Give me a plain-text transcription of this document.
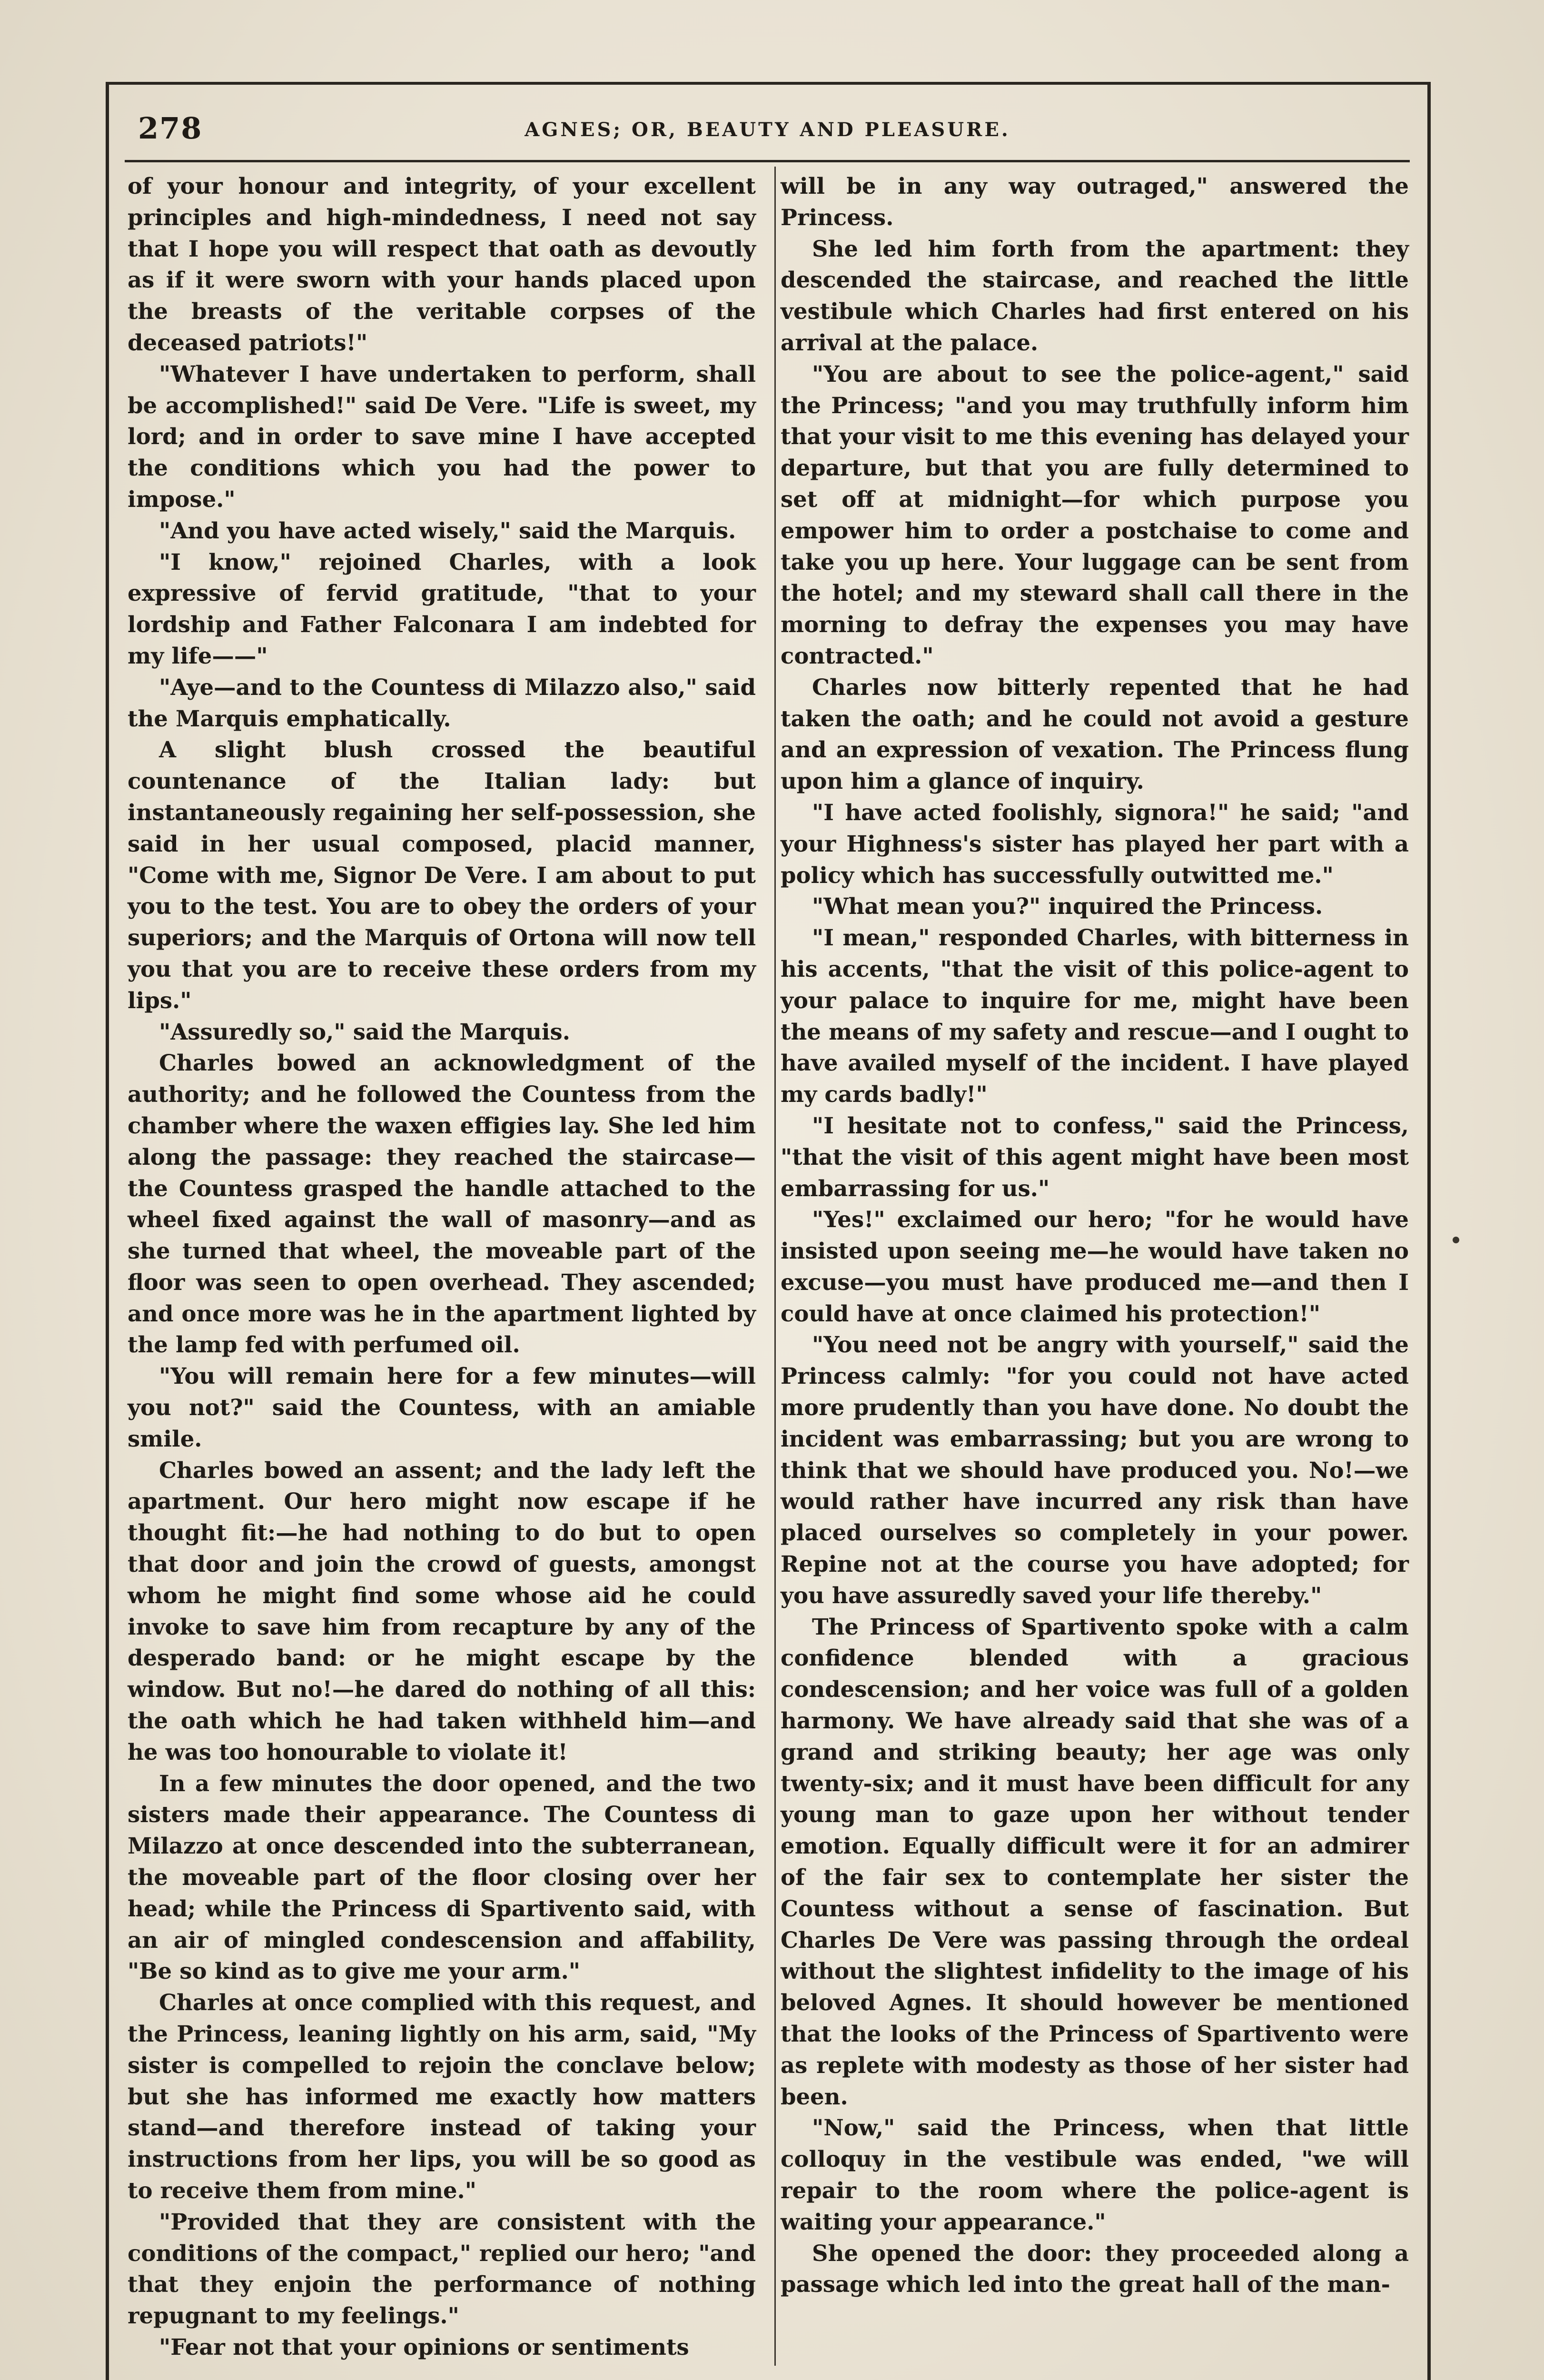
278	AGNES; OR, BEAUTY AND PLEASURE.

of your honour and integrity, of your excellent principles and high-mindedness, I need not say that I hope you will respect that oath as devoutly as if it were sworn with your hands placed upon the breasts of the veritable corpses of the deceased patriots!"

"Whatever I have undertaken to perform, shall be accomplished!" said De Vere. "Life is sweet, my lord; and in order to save mine I have accepted the conditions which you had the power to impose."

"And you have acted wisely," said the Marquis.

"I know," rejoined Charles, with a look expressive of fervid gratitude, "that to your lordship and Father Falconara I am indebted for my life——"

"Aye—and to the Countess di Milazzo also," said the Marquis emphatically.

A slight blush crossed the beautiful countenance of the Italian lady: but instantaneously regaining her self-possession, she said in her usual composed, placid manner, "Come with me, Signor De Vere. I am about to put you to the test. You are to obey the orders of your superiors; and the Marquis of Ortona will now tell you that you are to receive these orders from my lips."

"Assuredly so," said the Marquis.

Charles bowed an acknowledgment of the authority; and he followed the Countess from the chamber where the waxen effigies lay. She led him along the passage: they reached the staircase—the Countess grasped the handle attached to the wheel fixed against the wall of masonry—and as she turned that wheel, the moveable part of the floor was seen to open overhead. They ascended; and once more was he in the apartment lighted by the lamp fed with perfumed oil.

"You will remain here for a few minutes—will you not?" said the Countess, with an amiable smile.

Charles bowed an assent; and the lady left the apartment. Our hero might now escape if he thought fit:—he had nothing to do but to open that door and join the crowd of guests, amongst whom he might find some whose aid he could invoke to save him from recapture by any of the desperado band: or he might escape by the window. But no!—he dared do nothing of all this: the oath which he had taken withheld him—and he was too honourable to violate it!

In a few minutes the door opened, and the two sisters made their appearance. The Countess di Milazzo at once descended into the subterranean, the moveable part of the floor closing over her head; while the Princess di Spartivento said, with an air of mingled condescension and affability, "Be so kind as to give me your arm."

Charles at once complied with this request, and the Princess, leaning lightly on his arm, said, "My sister is compelled to rejoin the conclave below; but she has informed me exactly how matters stand—and therefore instead of taking your instructions from her lips, you will be so good as to receive them from mine."

"Provided that they are consistent with the conditions of the compact," replied our hero; "and that they enjoin the performance of nothing repugnant to my feelings."

"Fear not that your opinions or sentiments

will be in any way outraged," answered the Princess.

She led him forth from the apartment: they descended the staircase, and reached the little vestibule which Charles had first entered on his arrival at the palace.

"You are about to see the police-agent," said the Princess; "and you may truthfully inform him that your visit to me this evening has delayed your departure, but that you are fully determined to set off at midnight—for which purpose you empower him to order a postchaise to come and take you up here. Your luggage can be sent from the hotel; and my steward shall call there in the morning to defray the expenses you may have contracted."

Charles now bitterly repented that he had taken the oath; and he could not avoid a gesture and an expression of vexation. The Princess flung upon him a glance of inquiry.

"I have acted foolishly, signora!" he said; "and your Highness's sister has played her part with a policy which has successfully outwitted me."

"What mean you?" inquired the Princess.

"I mean," responded Charles, with bitterness in his accents, "that the visit of this police-agent to your palace to inquire for me, might have been the means of my safety and rescue—and I ought to have availed myself of the incident. I have played my cards badly!"

"I hesitate not to confess," said the Princess, "that the visit of this agent might have been most embarrassing for us."

"Yes!" exclaimed our hero; "for he would have insisted upon seeing me—he would have taken no excuse—you must have produced me—and then I could have at once claimed his protection!"

"You need not be angry with yourself," said the Princess calmly: "for you could not have acted more prudently than you have done. No doubt the incident was embarrassing; but you are wrong to think that we should have produced you. No!—we would rather have incurred any risk than have placed ourselves so completely in your power. Repine not at the course you have adopted; for you have assuredly saved your life thereby."

The Princess of Spartivento spoke with a calm confidence blended with a gracious condescension; and her voice was full of a golden harmony. We have already said that she was of a grand and striking beauty; her age was only twenty-six; and it must have been difficult for any young man to gaze upon her without tender emotion. Equally difficult were it for an admirer of the fair sex to contemplate her sister the Countess without a sense of fascination. But Charles De Vere was passing through the ordeal without the slightest infidelity to the image of his beloved Agnes. It should however be mentioned that the looks of the Princess of Spartivento were as replete with modesty as those of her sister had been.

"Now," said the Princess, when that little colloquy in the vestibule was ended, "we will repair to the room where the police-agent is waiting your appearance."

She opened the door: they proceeded along a passage which led into the great hall of the man-
